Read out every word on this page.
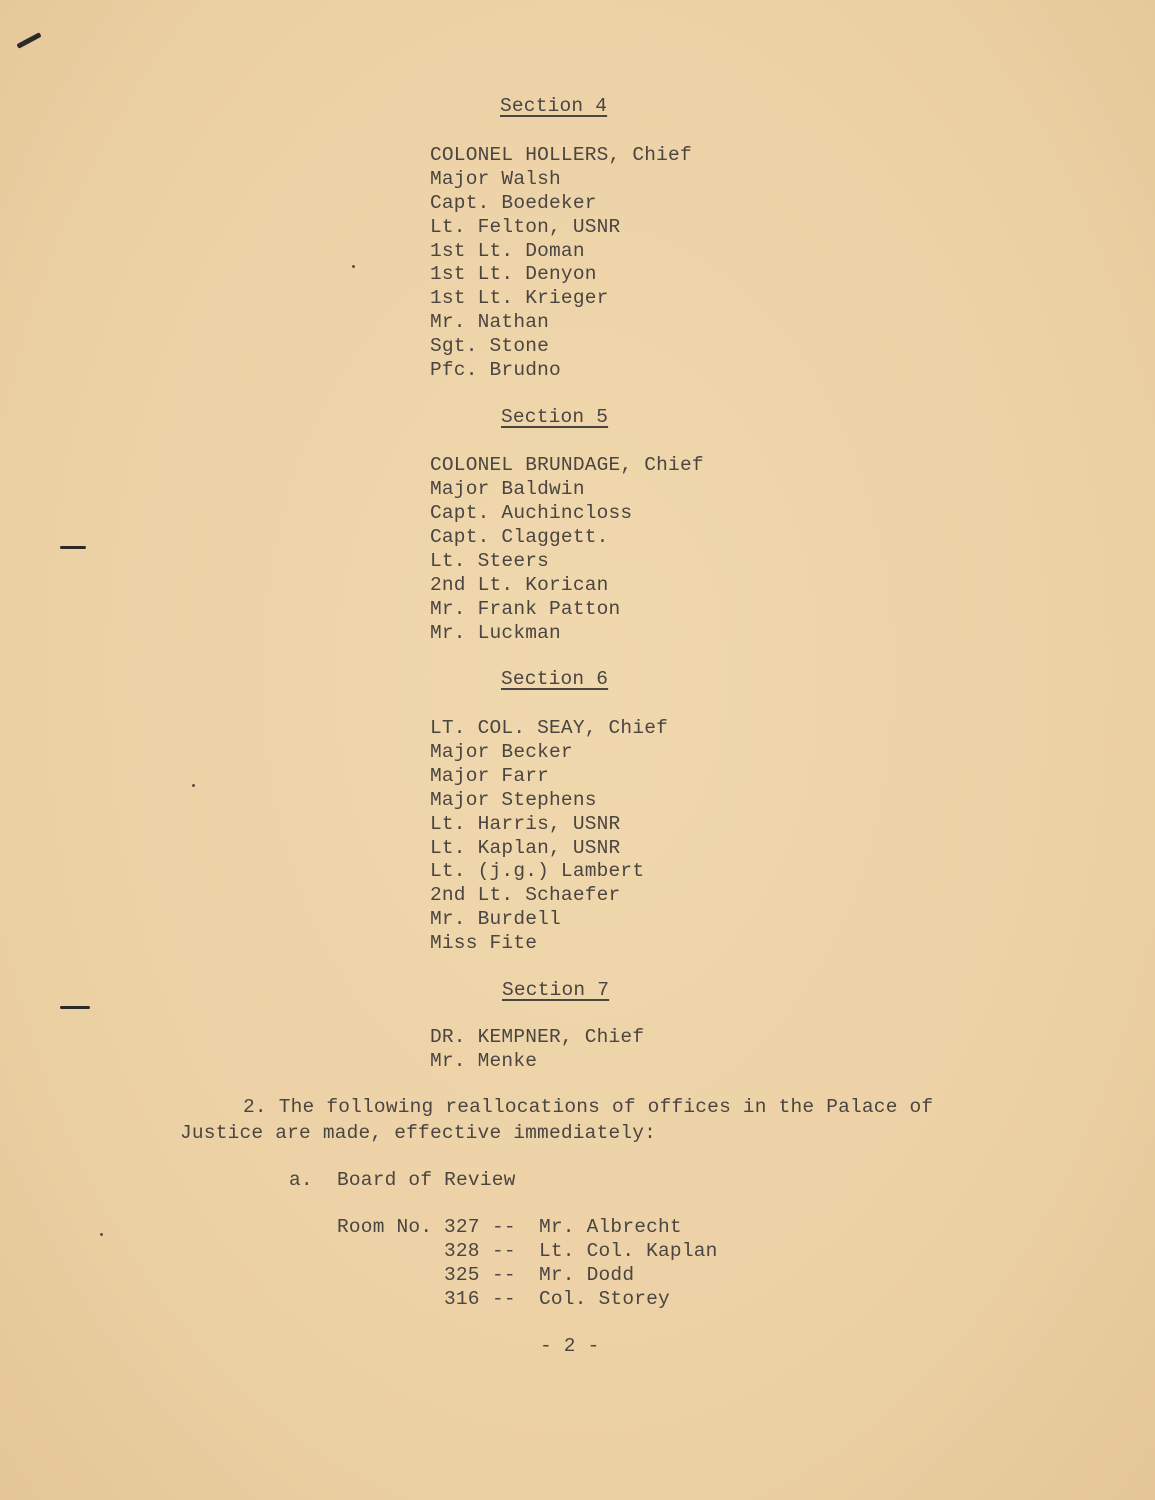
Section 4
COLONEL HOLLERS, Chief
Major Walsh
Capt. Boedeker
Lt. Felton, USNR
1st Lt. Doman
1st Lt. Denyon
1st Lt. Krieger
Mr. Nathan
Sgt. Stone
Pfc. Brudno
Section 5
COLONEL BRUNDAGE, Chief
Major Baldwin
Capt. Auchincloss
Capt. Claggett.
Lt. Steers
2nd Lt. Korican
Mr. Frank Patton
Mr. Luckman
Section 6
LT. COL. SEAY, Chief
Major Becker
Major Farr
Major Stephens
Lt. Harris, USNR
Lt. Kaplan, USNR
Lt. (j.g.) Lambert
2nd Lt. Schaefer
Mr. Burdell
Miss Fite
Section 7
DR. KEMPNER, Chief
Mr. Menke
2. The following reallocations of offices in the Palace of
Justice are made, effective immediately:
a. Board of Review
Room No. 327 -- Mr. Albrecht
328 -- Lt. Col. Kaplan
325 -- Mr. Dodd
316 -- Col. Storey
- 2 -
